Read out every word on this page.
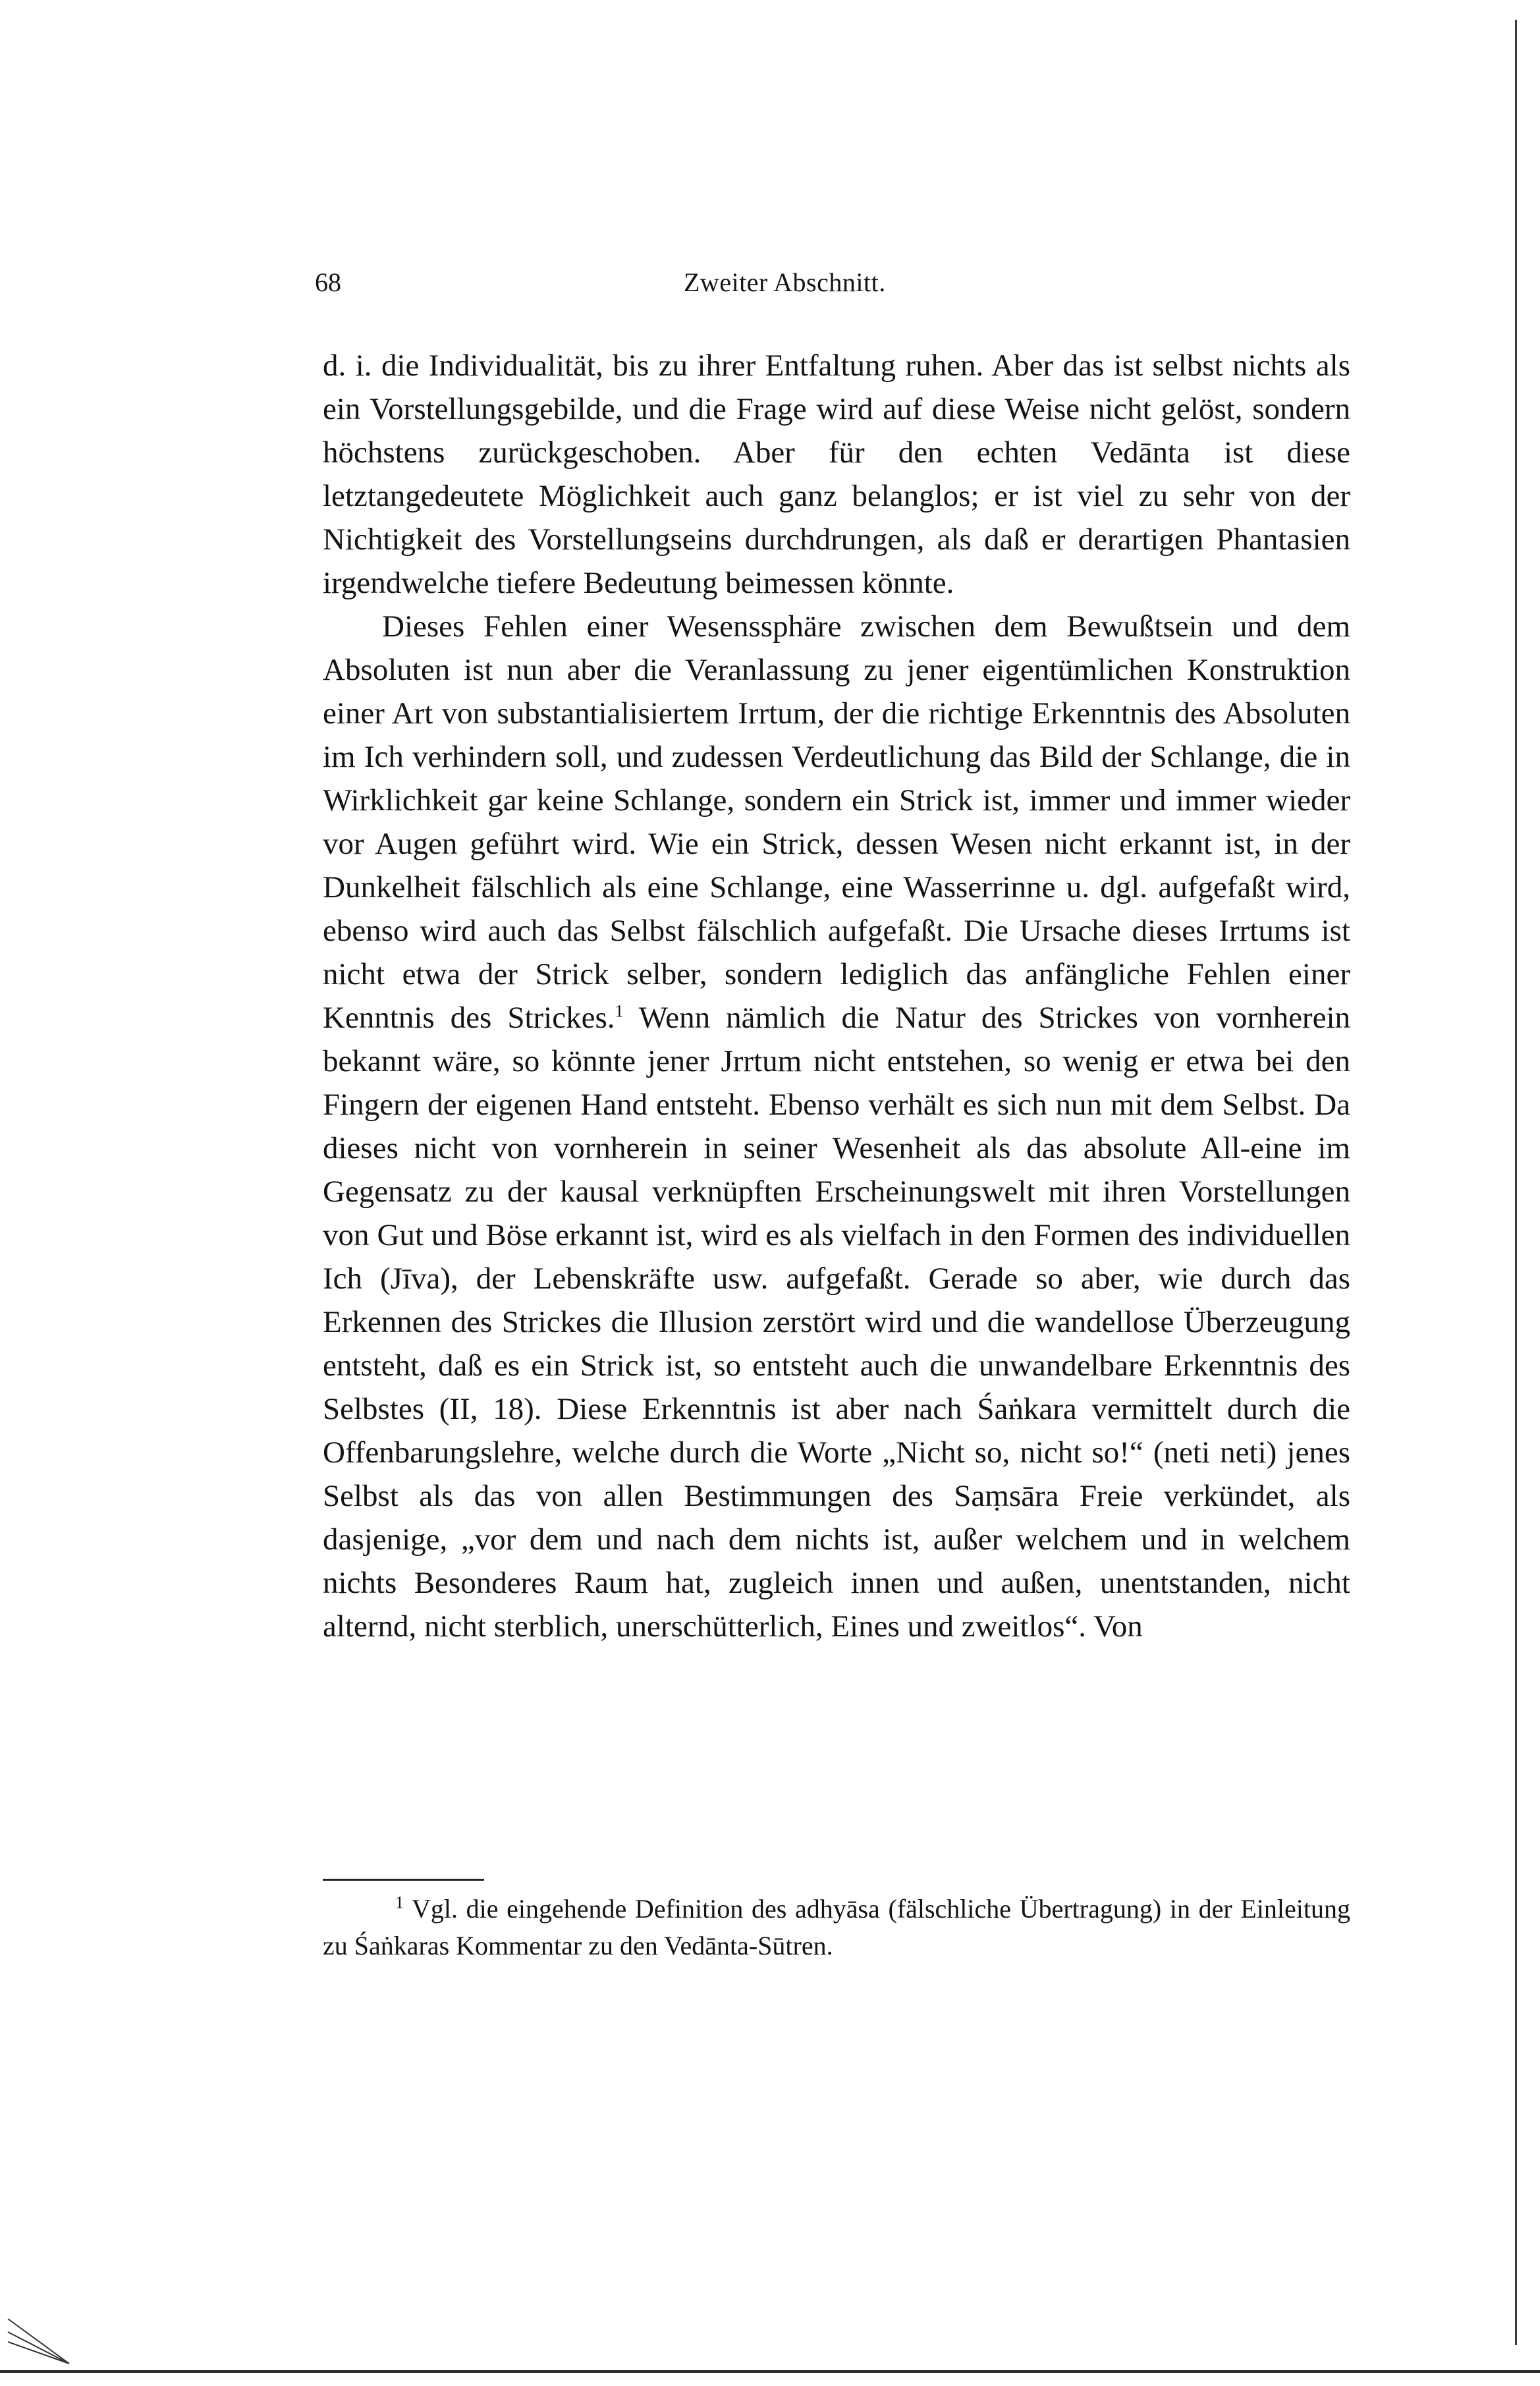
68	Zweiter Abschnitt.

d. i. die Individualität, bis zu ihrer Entfaltung ruhen. Aber das ist selbst nichts als ein Vorstellungsgebilde, und die Frage wird auf diese Weise nicht gelöst, sondern höchstens zurückgeschoben. Aber für den echten Vedānta ist diese letztangedeutete Möglichkeit auch ganz belanglos; er ist viel zu sehr von der Nichtigkeit des Vorstellungseins durchdrungen, als daß er derartigen Phantasien irgendwelche tiefere Bedeutung beimessen könnte.

Dieses Fehlen einer Wesenssphäre zwischen dem Bewußtsein und dem Absoluten ist nun aber die Veranlassung zu jener eigentümlichen Konstruktion einer Art von substantialisiertem Irrtum, der die richtige Erkenntnis des Absoluten im Ich verhindern soll, und zudessen Verdeutlichung das Bild der Schlange, die in Wirklichkeit gar keine Schlange, sondern ein Strick ist, immer und immer wieder vor Augen geführt wird. Wie ein Strick, dessen Wesen nicht erkannt ist, in der Dunkelheit fälschlich als eine Schlange, eine Wasserrinne u. dgl. aufgefaßt wird, ebenso wird auch das Selbst fälschlich aufgefaßt. Die Ursache dieses Irrtums ist nicht etwa der Strick selber, sondern lediglich das anfängliche Fehlen einer Kenntnis des Strickes.$^1$ Wenn nämlich die Natur des Strickes von vornherein bekannt wäre, so könnte jener Jrrtum nicht entstehen, so wenig er etwa bei den Fingern der eigenen Hand entsteht. Ebenso verhält es sich nun mit dem Selbst. Da dieses nicht von vornherein in seiner Wesenheit als das absolute All-eine im Gegensatz zu der kausal verknüpften Erscheinungswelt mit ihren Vorstellungen von Gut und Böse erkannt ist, wird es als vielfach in den Formen des individuellen Ich (Jīva), der Lebenskräfte usw. aufgefaßt. Gerade so aber, wie durch das Erkennen des Strickes die Illusion zerstört wird und die wandellose Überzeugung entsteht, daß es ein Strick ist, so entsteht auch die unwandelbare Erkenntnis des Selbstes (II, 18). Diese Erkenntnis ist aber nach Śaṅkara vermittelt durch die Offenbarungslehre, welche durch die Worte „Nicht so, nicht so!“ (neti neti) jenes Selbst als das von allen Bestimmungen des Saṃsāra Freie verkündet, als dasjenige, „vor dem und nach dem nichts ist, außer welchem und in welchem nichts Besonderes Raum hat, zugleich innen und außen, unentstanden, nicht alternd, nicht sterblich, unerschütterlich, Eines und zweitlos“. Von

$^1$ Vgl. die eingehende Definition des adhyāsa (fälschliche Übertragung) in der Einleitung zu Śaṅkaras Kommentar zu den Vedānta-Sūtren.
